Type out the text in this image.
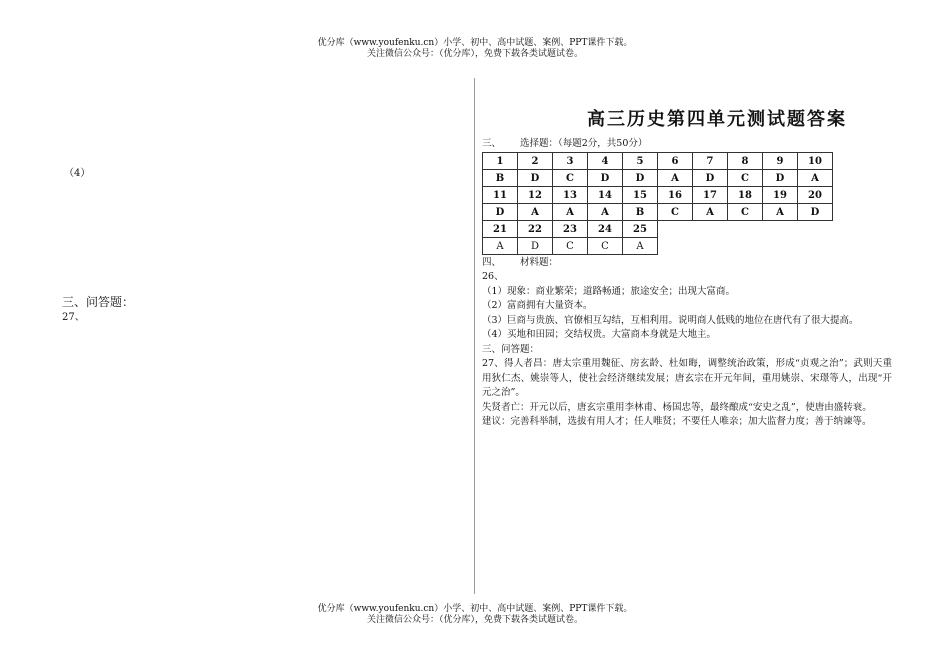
优分库（www.youfenku.cn）小学、初中、高中试题、案例、PPT课件下载。
关注微信公众号：（优分库），免费下载各类试题试卷。
（4）
三、问答题：
27、
高三历史第四单元测试题答案
三、 选择题：（每题2分，共50分）
1	2	3	4	5	6	7	8	9	10
B	D	C	D	D	A	D	C	D	A
11	12	13	14	15	16	17	18	19	20
D	A	A	A	B	C	A	C	A	D
21	22	23	24	25					
A	D	C	C	A					
四、 材料题：
26、
（1）现象：商业繁荣；道路畅通；旅途安全；出现大富商。
（2）富商拥有大量资本。
（3）巨商与贵族、官僚相互勾结，互相利用。说明商人低贱的地位在唐代有了很大提高。
（4）买地和田园；交结权贵。大富商本身就是大地主。
三、问答题：
27、得人者昌：唐太宗重用魏征、房玄龄、杜如晦，调整统治政策，形成“贞观之治”；武则天重用狄仁杰、姚崇等人，使社会经济继续发展；唐玄宗在开元年间，重用姚崇、宋璟等人，出现“开元之治”。
失贤者亡：开元以后，唐玄宗重用李林甫、杨国忠等，最终酿成“安史之乱”，使唐由盛转衰。
建议：完善科举制，选拔有用人才；任人唯贤；不要任人唯亲；加大监督力度；善于纳谏等。
优分库（www.youfenku.cn）小学、初中、高中试题、案例、PPT课件下载。
关注微信公众号：（优分库），免费下载各类试题试卷。
